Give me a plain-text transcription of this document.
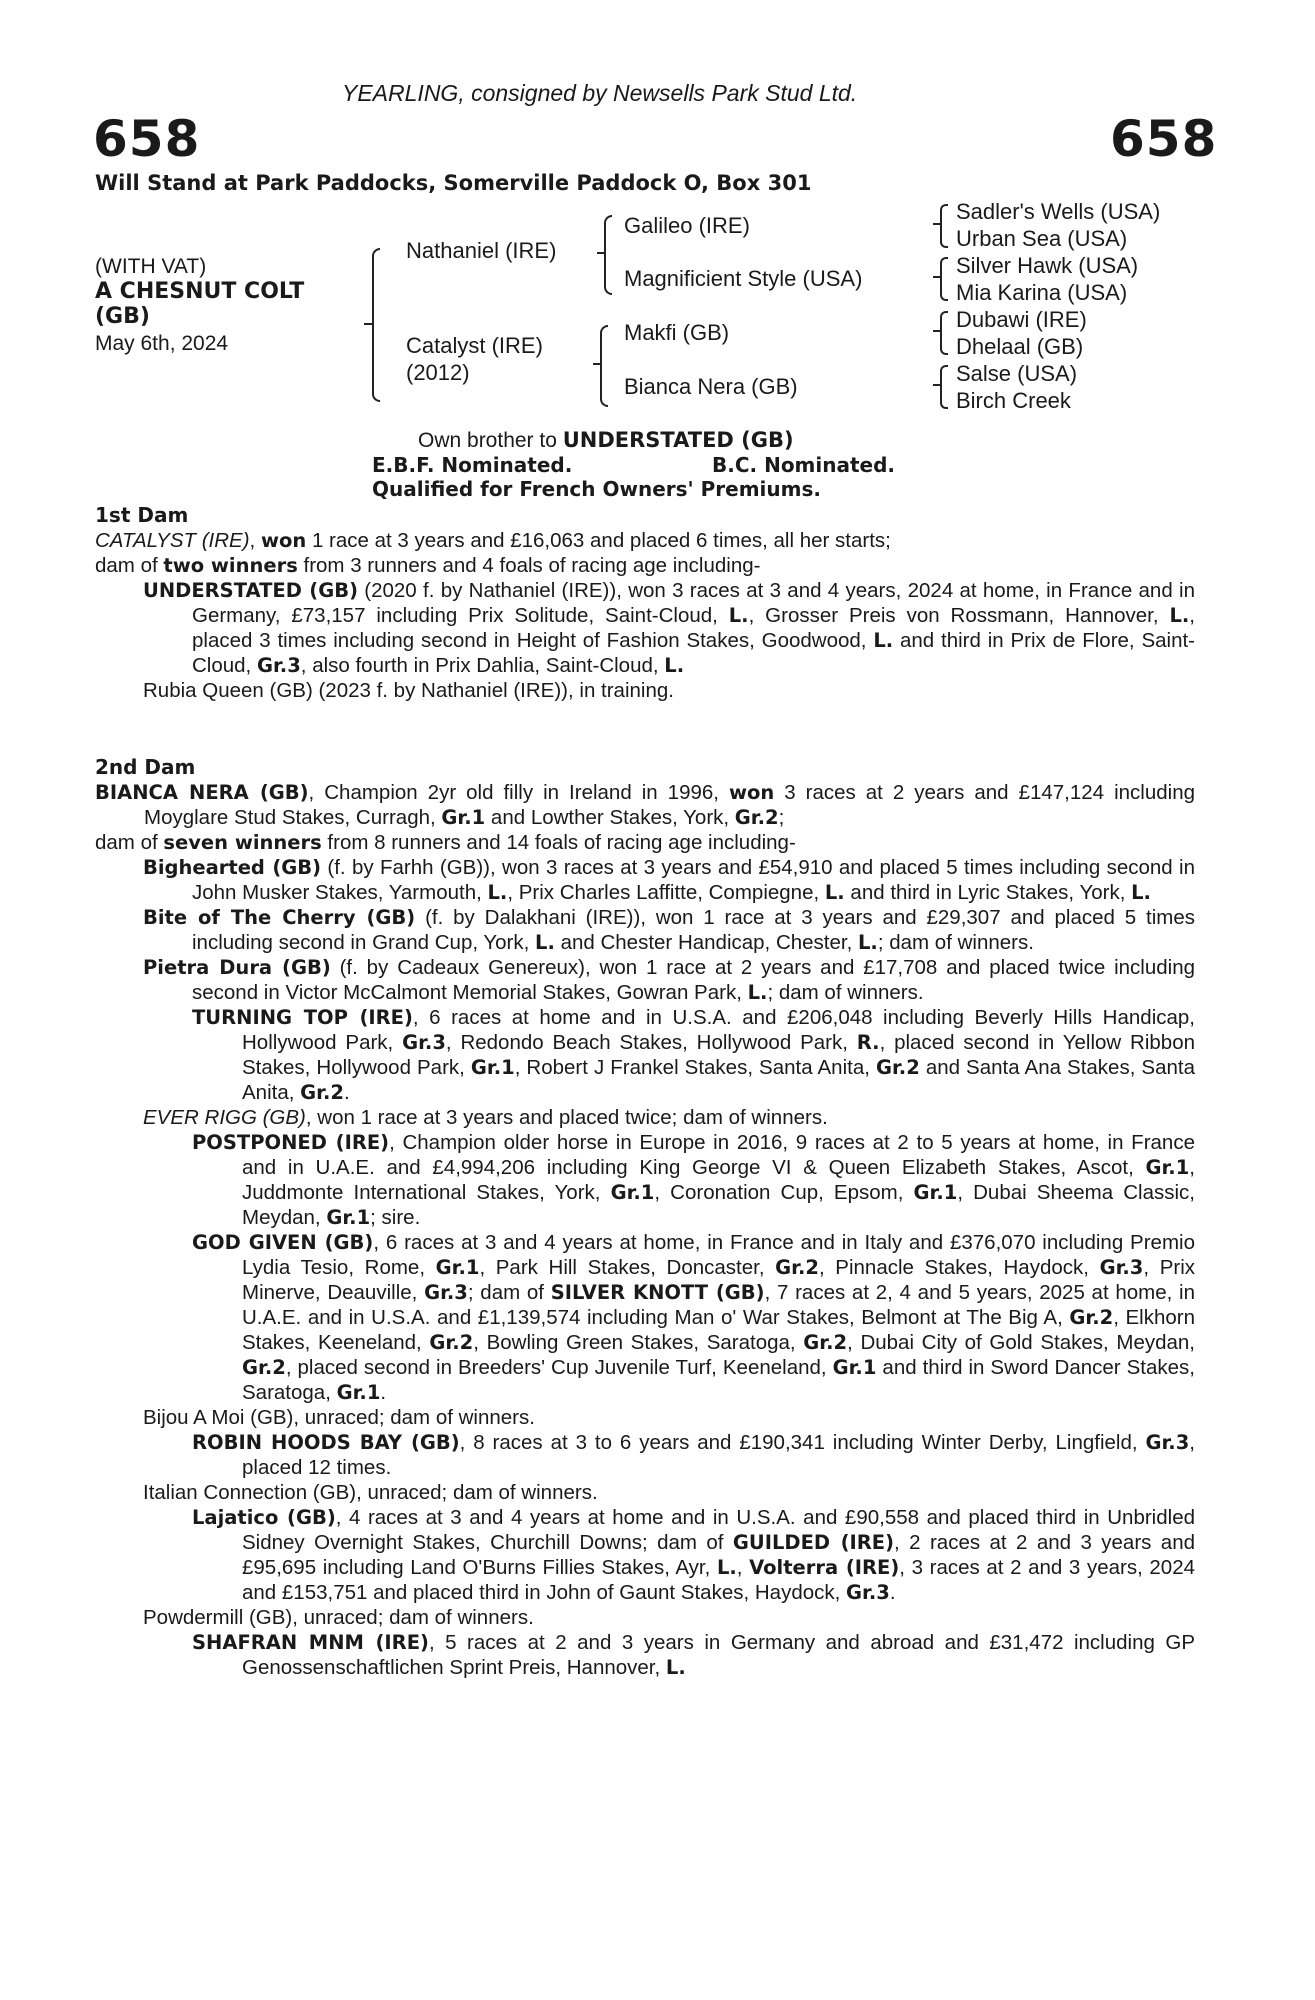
YEARLING, consigned by Newsells Park Stud Ltd.
658	658
Will Stand at Park Paddocks, Somerville Paddock O, Box 301
(WITH VAT)
A CHESNUT COLT
(GB)
May 6th, 2024
Nathaniel (IRE)
Catalyst (IRE)
(2012)
Galileo (IRE)
Magnificient Style (USA)
Makfi (GB)
Bianca Nera (GB)
Sadler's Wells (USA)
Urban Sea (USA)
Silver Hawk (USA)
Mia Karina (USA)
Dubawi (IRE)
Dhelaal (GB)
Salse (USA)
Birch Creek
Own brother to UNDERSTATED (GB)
E.B.F. Nominated.	B.C. Nominated.
Qualified for French Owners' Premiums.

1st Dam

CATALYST (IRE), won 1 race at 3 years and £16,063 and placed 6 times, all her starts;

dam of two winners from 3 runners and 4 foals of racing age including-

UNDERSTATED (GB) (2020 f. by Nathaniel (IRE)), won 3 races at 3 and 4 years, 2024 at home, in France and in Germany, £73,157 including Prix Solitude, Saint-Cloud, L., Grosser Preis von Rossmann, Hannover, L., placed 3 times including second in Height of Fashion Stakes, Goodwood, L. and third in Prix de Flore, Saint-Cloud, Gr.3, also fourth in Prix Dahlia, Saint-Cloud, L.

Rubia Queen (GB) (2023 f. by Nathaniel (IRE)), in training.

2nd Dam

BIANCA NERA (GB), Champion 2yr old filly in Ireland in 1996, won 3 races at 2 years and £147,124 including Moyglare Stud Stakes, Curragh, Gr.1 and Lowther Stakes, York, Gr.2;

dam of seven winners from 8 runners and 14 foals of racing age including-

Bighearted (GB) (f. by Farhh (GB)), won 3 races at 3 years and £54,910 and placed 5 times including second in John Musker Stakes, Yarmouth, L., Prix Charles Laffitte, Compiegne, L. and third in Lyric Stakes, York, L.

Bite of The Cherry (GB) (f. by Dalakhani (IRE)), won 1 race at 3 years and £29,307 and placed 5 times including second in Grand Cup, York, L. and Chester Handicap, Chester, L.; dam of winners.

Pietra Dura (GB) (f. by Cadeaux Genereux), won 1 race at 2 years and £17,708 and placed twice including second in Victor McCalmont Memorial Stakes, Gowran Park, L.; dam of winners.

TURNING TOP (IRE), 6 races at home and in U.S.A. and £206,048 including Beverly Hills Handicap, Hollywood Park, Gr.3, Redondo Beach Stakes, Hollywood Park, R., placed second in Yellow Ribbon Stakes, Hollywood Park, Gr.1, Robert J Frankel Stakes, Santa Anita, Gr.2 and Santa Ana Stakes, Santa Anita, Gr.2.

EVER RIGG (GB), won 1 race at 3 years and placed twice; dam of winners.

POSTPONED (IRE), Champion older horse in Europe in 2016, 9 races at 2 to 5 years at home, in France and in U.A.E. and £4,994,206 including King George VI & Queen Elizabeth Stakes, Ascot, Gr.1, Juddmonte International Stakes, York, Gr.1, Coronation Cup, Epsom, Gr.1, Dubai Sheema Classic, Meydan, Gr.1; sire.

GOD GIVEN (GB), 6 races at 3 and 4 years at home, in France and in Italy and £376,070 including Premio Lydia Tesio, Rome, Gr.1, Park Hill Stakes, Doncaster, Gr.2, Pinnacle Stakes, Haydock, Gr.3, Prix Minerve, Deauville, Gr.3; dam of SILVER KNOTT (GB), 7 races at 2, 4 and 5 years, 2025 at home, in U.A.E. and in U.S.A. and £1,139,574 including Man o' War Stakes, Belmont at The Big A, Gr.2, Elkhorn Stakes, Keeneland, Gr.2, Bowling Green Stakes, Saratoga, Gr.2, Dubai City of Gold Stakes, Meydan, Gr.2, placed second in Breeders' Cup Juvenile Turf, Keeneland, Gr.1 and third in Sword Dancer Stakes, Saratoga, Gr.1.

Bijou A Moi (GB), unraced; dam of winners.

ROBIN HOODS BAY (GB), 8 races at 3 to 6 years and £190,341 including Winter Derby, Lingfield, Gr.3, placed 12 times.

Italian Connection (GB), unraced; dam of winners.

Lajatico (GB), 4 races at 3 and 4 years at home and in U.S.A. and £90,558 and placed third in Unbridled Sidney Overnight Stakes, Churchill Downs; dam of GUILDED (IRE), 2 races at 2 and 3 years and £95,695 including Land O'Burns Fillies Stakes, Ayr, L., Volterra (IRE), 3 races at 2 and 3 years, 2024 and £153,751 and placed third in John of Gaunt Stakes, Haydock, Gr.3.

Powdermill (GB), unraced; dam of winners.

SHAFRAN MNM (IRE), 5 races at 2 and 3 years in Germany and abroad and £31,472 including GP Genossenschaftlichen Sprint Preis, Hannover, L.
